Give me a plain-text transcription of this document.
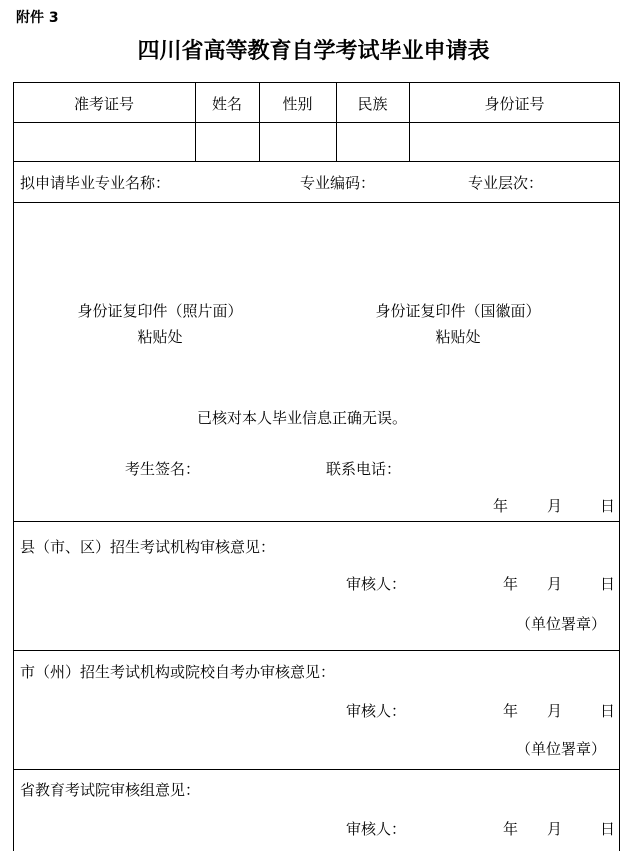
附件 3
四川省高等教育自学考试毕业申请表
准考证号	姓名	性别	民族	身份证号
拟申请毕业专业名称：	专业编码：	专业层次：
身份证复印件（照片面）
粘贴处
身份证复印件（国徽面）
粘贴处
已核对本人毕业信息正确无误。
考生签名：	联系电话：
年	月	日
县（市、区）招生考试机构审核意见：
审核人：	年 月	日
（单位署章）
市（州）招生考试机构或院校自考办审核意见：
审核人：	年 月	日
（单位署章）
省教育考试院审核组意见：
审核人：	年 月	日
